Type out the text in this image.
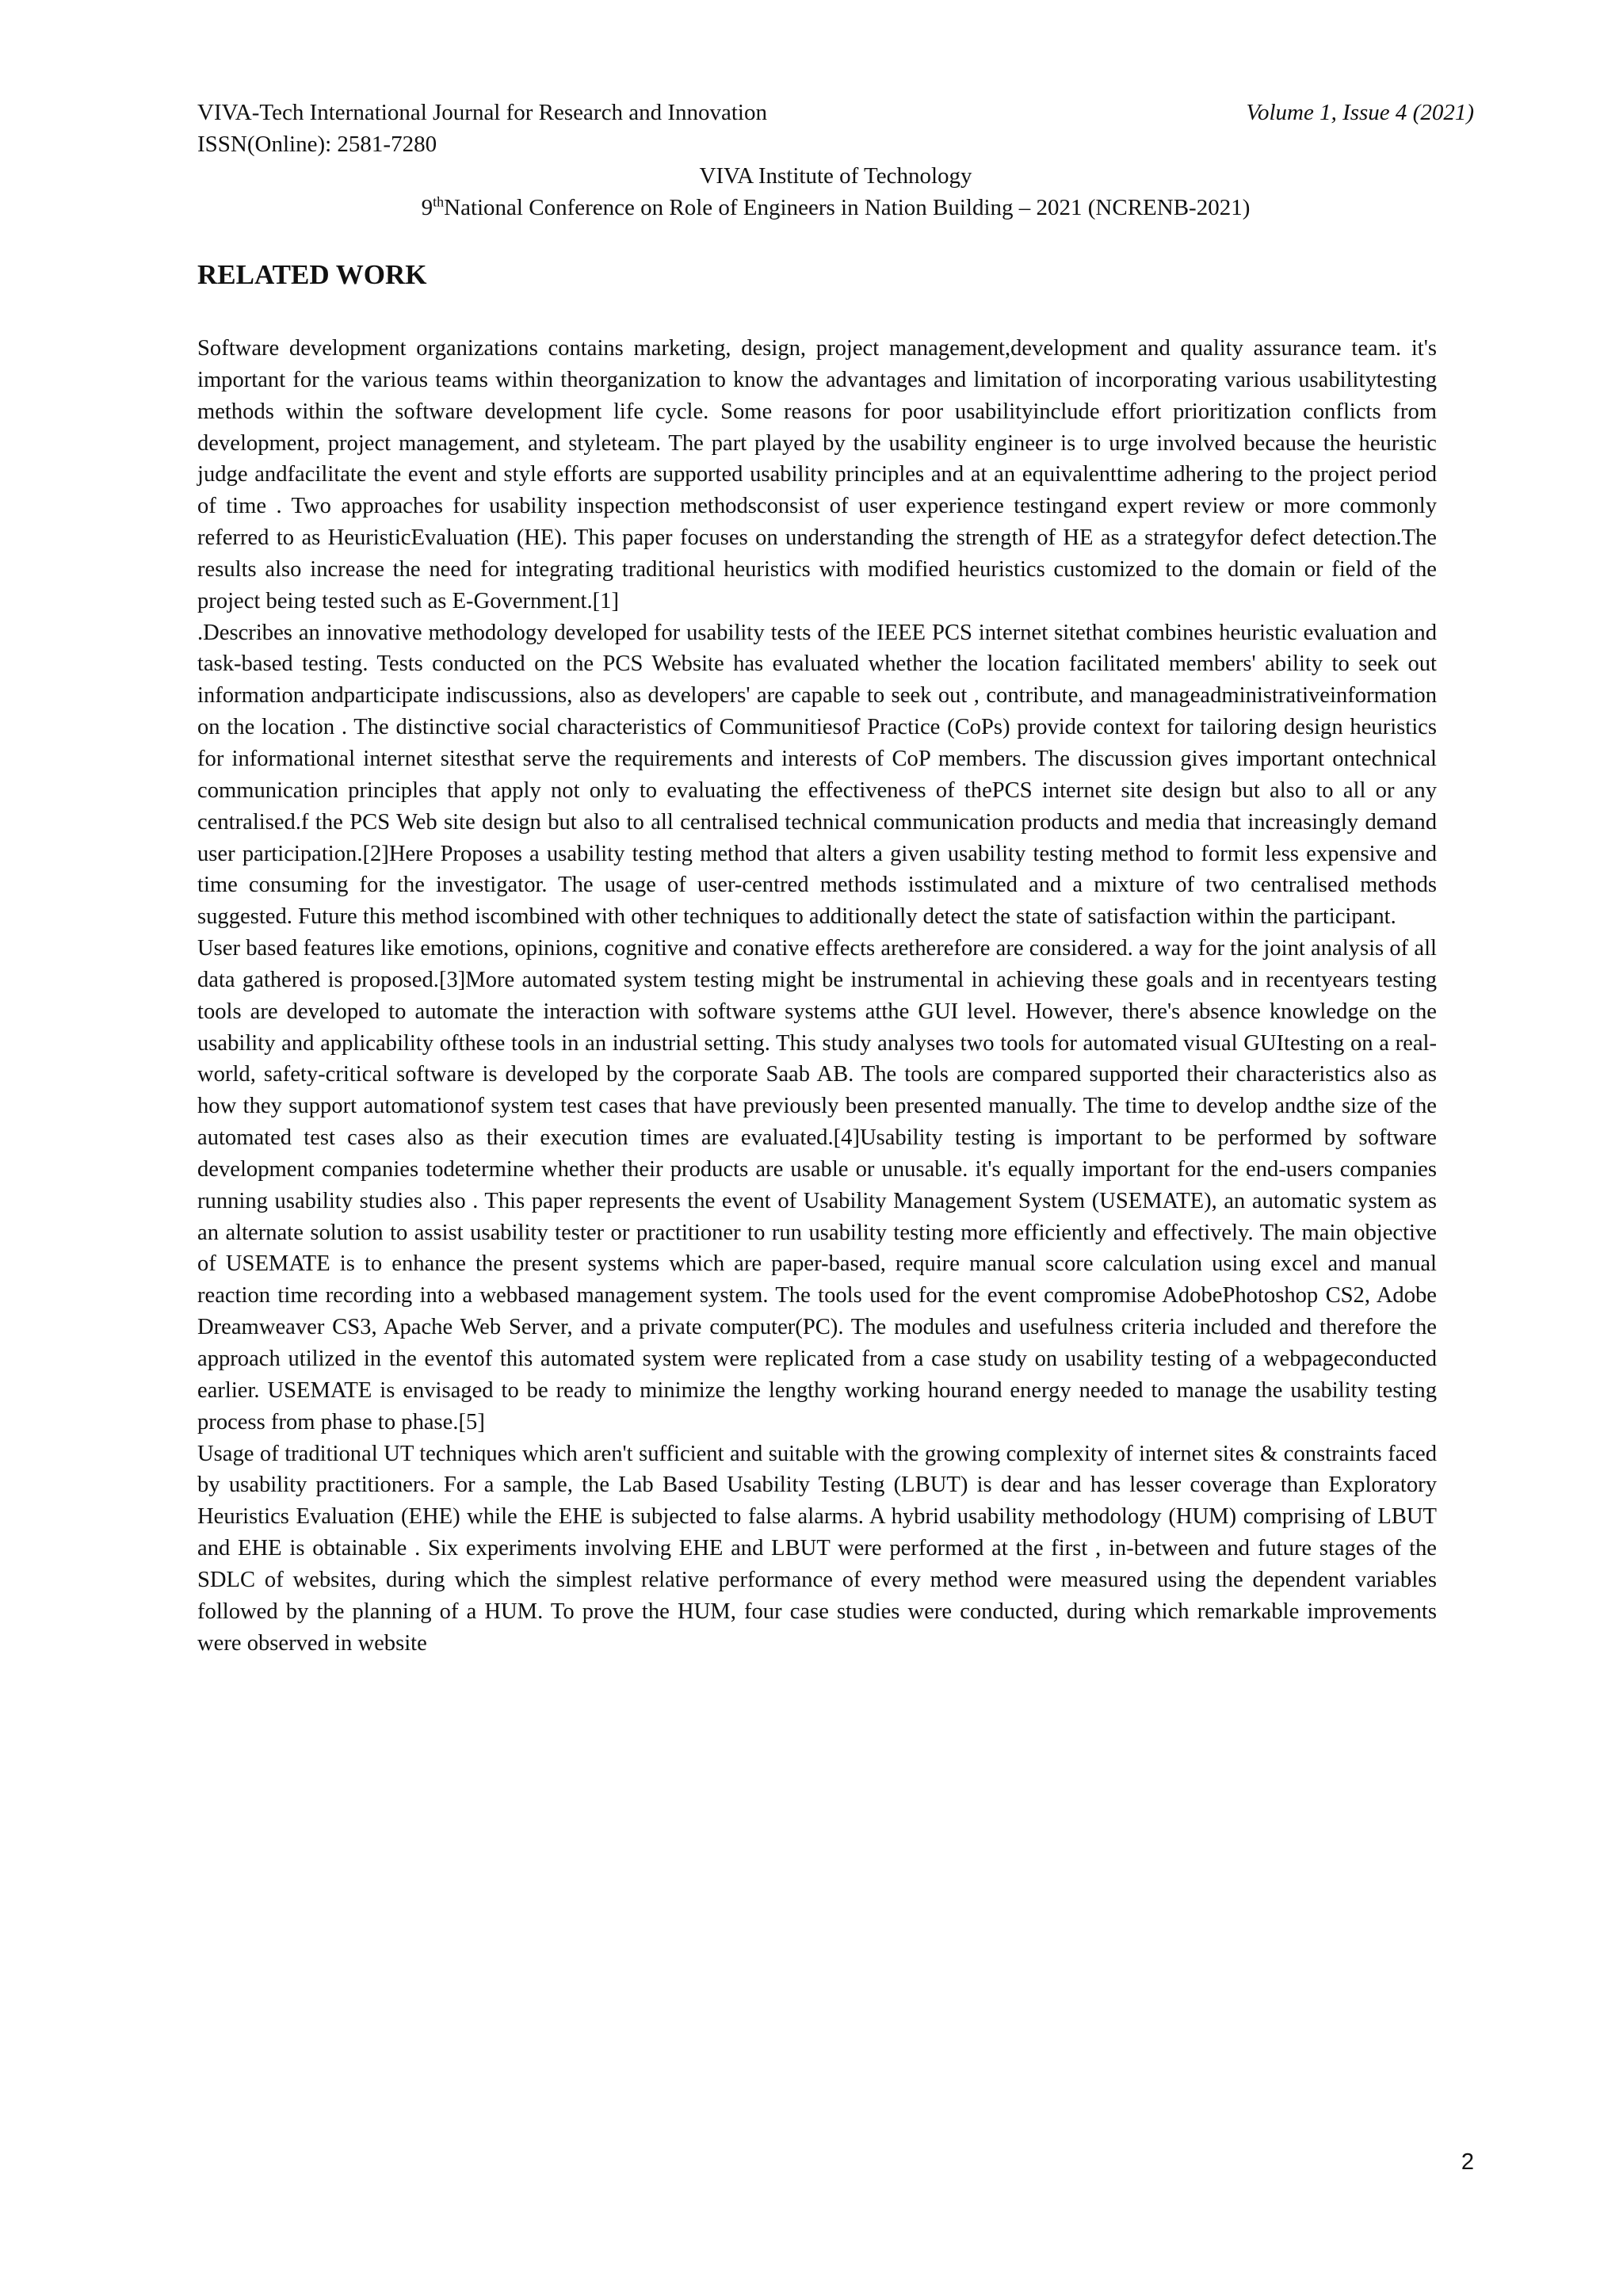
VIVA-Tech International Journal for Research and Innovation	Volume 1, Issue 4 (2021)
ISSN(Online): 2581-7280
VIVA Institute of Technology
9thNational Conference on Role of Engineers in Nation Building – 2021 (NCRENB-2021)
RELATED WORK

Software development organizations contains marketing, design, project management,development and quality assurance team. it's important for the various teams within theorganization to know the advantages and limitation of incorporating various usabilitytesting methods within the software development life cycle. Some reasons for poor usabilityinclude effort prioritization conflicts from development, project management, and styleteam. The part played by the usability engineer is to urge involved because the heuristic judge andfacilitate the event and style efforts are supported usability principles and at an equivalenttime adhering to the project period of time . Two approaches for usability inspection methodsconsist of user experience testingand expert review or more commonly referred to as HeuristicEvaluation (HE). This paper focuses on understanding the strength of HE as a strategyfor defect detection.The results also increase the need for integrating traditional heuristics with modified heuristics customized to the domain or field of the project being tested such as E-Government.[1]

.Describes an innovative methodology developed for usability tests of the IEEE PCS internet sitethat combines heuristic evaluation and task-based testing. Tests conducted on the PCS Website has evaluated whether the location facilitated members' ability to seek out information andparticipate indiscussions, also as developers' are capable to seek out , contribute, and manageadministrativeinformation on the location . The distinctive social characteristics of Communitiesof Practice (CoPs) provide context for tailoring design heuristics for informational internet sitesthat serve the requirements and interests of CoP members. The discussion gives important ontechnical communication principles that apply not only to evaluating the effectiveness of thePCS internet site design but also to all or any centralised.f the PCS Web site design but also to all centralised technical communication products and media that increasingly demand user participation.[2]Here Proposes a usability testing method that alters a given usability testing method to formit less expensive and time consuming for the investigator. The usage of user-centred methods isstimulated and a mixture of two centralised methods suggested. Future this method iscombined with other techniques to additionally detect the state of satisfaction within the participant.

User based features like emotions, opinions, cognitive and conative effects aretherefore are considered. a way for the joint analysis of all data gathered is proposed.[3]More automated system testing might be instrumental in achieving these goals and in recentyears testing tools are developed to automate the interaction with software systems atthe GUI level. However, there's absence knowledge on the usability and applicability ofthese tools in an industrial setting. This study analyses two tools for automated visual GUItesting on a real-world, safety-critical software is developed by the corporate Saab AB. The tools are compared supported their characteristics also as how they support automationof system test cases that have previously been presented manually. The time to develop andthe size of the automated test cases also as their execution times are evaluated.[4]Usability testing is important to be performed by software development companies todetermine whether their products are usable or unusable. it's equally important for the end-users companies running usability studies also . This paper represents the event of Usability Management System (USEMATE), an automatic system as an alternate solution to assist usability tester or practitioner to run usability testing more efficiently and effectively. The main objective of USEMATE is to enhance the present systems which are paper-based, require manual score calculation using excel and manual reaction time recording into a webbased management system. The tools used for the event compromise AdobePhotoshop CS2, Adobe Dreamweaver CS3, Apache Web Server, and a private computer(PC). The modules and usefulness criteria included and therefore the approach utilized in the eventof this automated system were replicated from a case study on usability testing of a webpageconducted earlier. USEMATE is envisaged to be ready to minimize the lengthy working hourand energy needed to manage the usability testing process from phase to phase.[5]

Usage of traditional UT techniques which aren't sufficient and suitable with the growing complexity of internet sites & constraints faced by usability practitioners. For a sample, the Lab Based Usability Testing (LBUT) is dear and has lesser coverage than Exploratory Heuristics Evaluation (EHE) while the EHE is subjected to false alarms. A hybrid usability methodology (HUM) comprising of LBUT and EHE is obtainable . Six experiments involving EHE and LBUT were performed at the first , in-between and future stages of the SDLC of websites, during which the simplest relative performance of every method were measured using the dependent variables followed by the planning of a HUM. To prove the HUM, four case studies were conducted, during which remarkable improvements were observed in website

2
